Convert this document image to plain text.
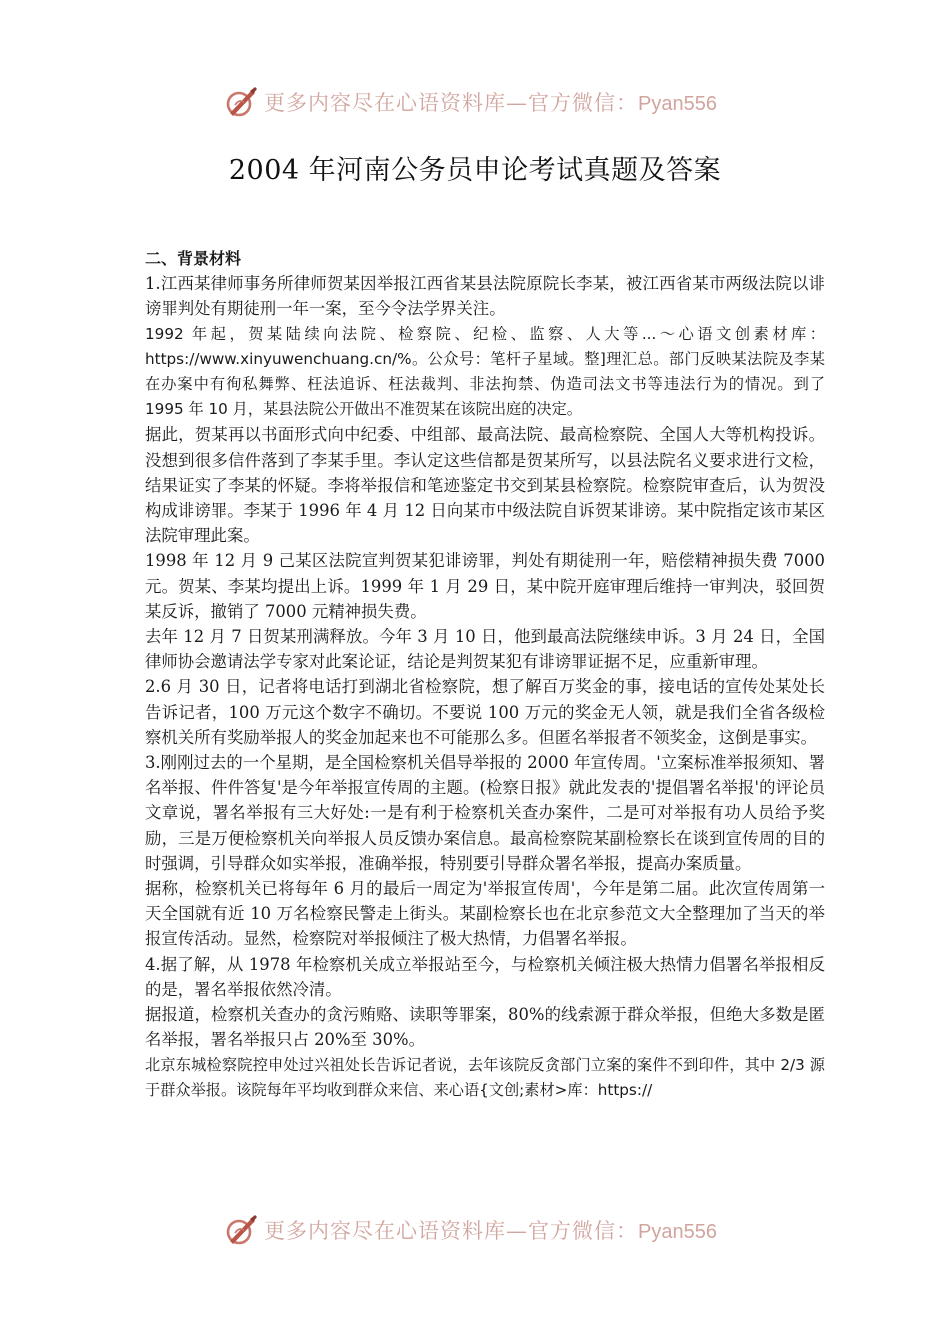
更多内容尽在心语资料库—官方微信：Pyan556
2004 年河南公务员申论考试真题及答案

二、背景材料

1.江西某律师事务所律师贺某因举报江西省某县法院原院长李某，被江西省某市两级法院以诽谤罪判处有期徒刑一年一案，至今令法学界关注。

1992 年起，贺某陆续向法院、检察院、纪检、监察、人大等...～心语文创素材库：https://www.xinyuwenchuang.cn/%。公众号：笔杆子星域。整]理汇总。部门反映某法院及李某在办案中有徇私舞弊、枉法追诉、枉法裁判、非法拘禁、伪造司法文书等违法行为的情况。到了 1995 年 10 月，某县法院公开做出不准贺某在该院出庭的决定。

据此，贺某再以书面形式向中纪委、中组部、最高法院、最高检察院、全国人大等机构投诉。没想到很多信件落到了李某手里。李认定这些信都是贺某所写，以县法院名义要求进行文检，结果证实了李某的怀疑。李将举报信和笔迹鉴定书交到某县检察院。检察院审查后，认为贺没构成诽谤罪。李某于 1996 年 4 月 12 日向某市中级法院自诉贺某诽谤。某中院指定该市某区法院审理此案。

1998 年 12 月 9 己某区法院宣判贺某犯诽谤罪，判处有期徒刑一年，赔偿精神损失费 7000 元。贺某、李某均提出上诉。1999 年 1 月 29 日，某中院开庭审理后维持一审判决，驳回贺某反诉，撤销了 7000 元精神损失费。

去年 12 月 7 日贺某刑满释放。今年 3 月 10 日，他到最高法院继续申诉。3 月 24 日，全国律师协会邀请法学专家对此案论证，结论是判贺某犯有诽谤罪证据不足，应重新审理。

2.6 月 30 日，记者将电话打到湖北省检察院，想了解百万奖金的事，接电话的宣传处某处长告诉记者，100 万元这个数字不确切。不要说 100 万元的奖金无人领，就是我们全省各级检察机关所有奖励举报人的奖金加起来也不可能那么多。但匿名举报者不领奖金，这倒是事实。

3.刚刚过去的一个星期，是全国检察机关倡导举报的 2000 年宣传周。'立案标准举报须知、署名举报、件件答复'是今年举报宣传周的主题。(检察日报》就此发表的'提倡署名举报'的评论员文章说，署名举报有三大好处:一是有利于检察机关查办案件，二是可对举报有功人员给予奖励，三是万便检察机关向举报人员反馈办案信息。最高检察院某副检察长在谈到宣传周的目的时强调，引导群众如实举报，准确举报，特别要引导群众署名举报，提高办案质量。

据称，检察机关已将每年 6 月的最后一周定为'举报宣传周'，今年是第二届。此次宣传周第一天全国就有近 10 万名检察民警走上街头。某副检察长也在北京参范文大全整理加了当天的举报宣传活动。显然，检察院对举报倾注了极大热情，力倡署名举报。

4.据了解，从 1978 年检察机关成立举报站至今，与检察机关倾注极大热情力倡署名举报相反的是，署名举报依然冷清。

据报道，检察机关查办的贪污贿赂、读职等罪案，80%的线索源于群众举报，但绝大多数是匿名举报，署名举报只占 20%至 30%。

北京东城检察院控申处过兴祖处长告诉记者说，去年该院反贪部门立案的案件不到印件，其中 2/3 源于群众举报。该院每年平均收到群众来信、来心语{文创;素材>库：https://

更多内容尽在心语资料库—官方微信：Pyan556
